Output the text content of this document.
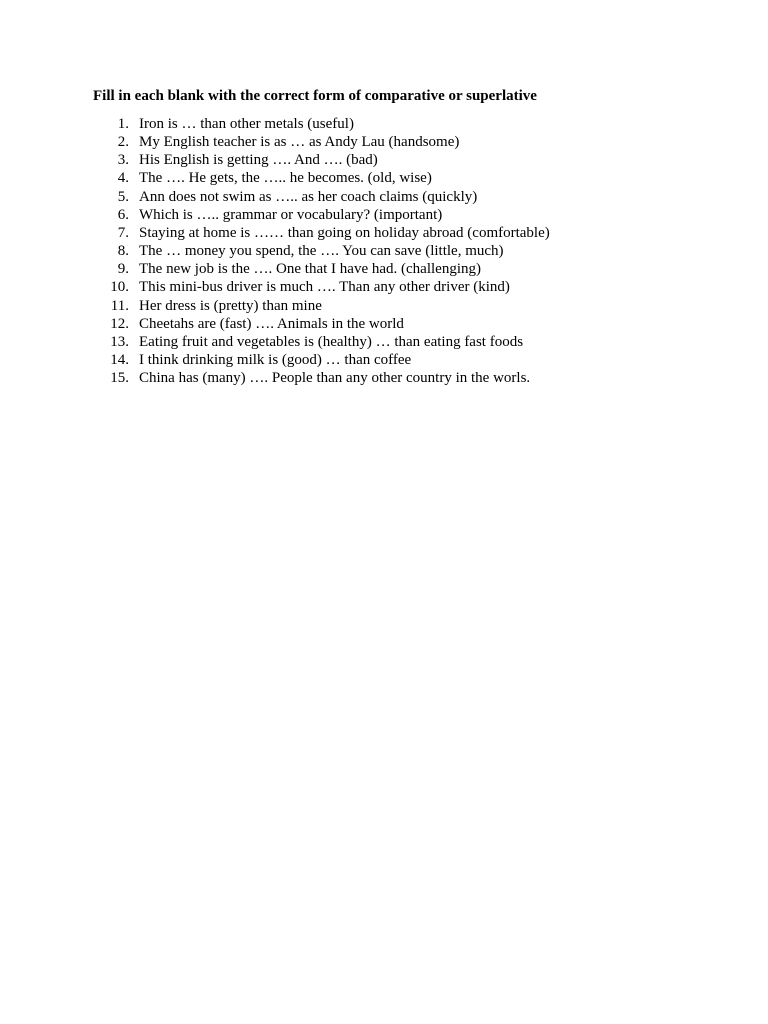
Fill in each blank with the correct form of comparative or superlative

1. Iron is … than other metals (useful)
2. My English teacher is as … as Andy Lau (handsome)
3. His English is getting …. And …. (bad)
4. The …. He gets, the ….. he becomes. (old, wise)
5. Ann does not swim as ….. as her coach claims (quickly)
6. Which is ….. grammar or vocabulary? (important)
7. Staying at home is …… than going on holiday abroad (comfortable)
8. The … money you spend, the …. You can save (little, much)
9. The new job is the …. One that I have had. (challenging)
10. This mini-bus driver is much …. Than any other driver (kind)
11. Her dress is (pretty) than mine
12. Cheetahs are (fast) …. Animals in the world
13. Eating fruit and vegetables is (healthy) … than eating fast foods
14. I think drinking milk is (good) … than coffee
15. China has (many) …. People than any other country in the worls.
